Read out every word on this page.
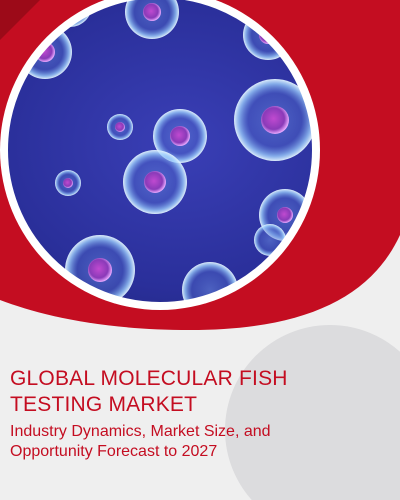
GLOBAL MOLECULAR FISH
TESTING MARKET

Industry Dynamics, Market Size, and
Opportunity Forecast to 2027
